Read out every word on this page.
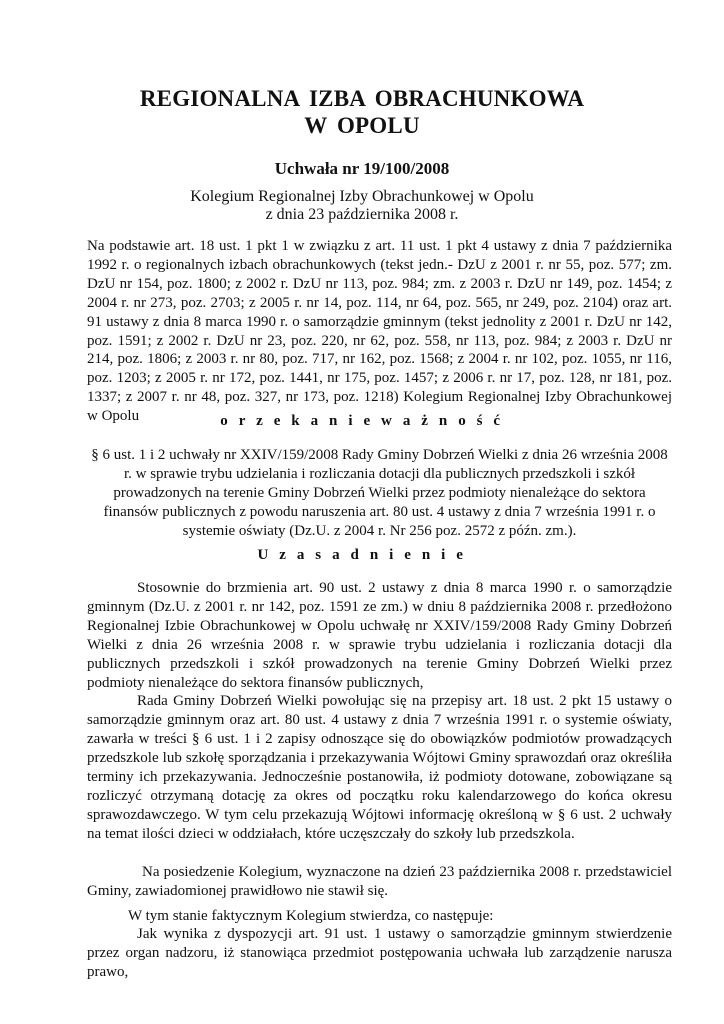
REGIONALNA IZBA OBRACHUNKOWA
W OPOLU
Uchwała nr 19/100/2008
Kolegium Regionalnej Izby Obrachunkowej w Opolu
z dnia 23 października 2008 r.

Na podstawie art. 18 ust. 1 pkt 1 w związku z art. 11 ust. 1 pkt 4 ustawy z dnia 7 października 1992 r. o regionalnych izbach obrachunkowych (tekst jedn.- DzU z 2001 r. nr 55, poz. 577; zm. DzU nr 154, poz. 1800; z 2002 r. DzU nr 113, poz. 984; zm. z 2003 r. DzU nr 149, poz. 1454; z 2004 r. nr 273, poz. 2703; z 2005 r. nr 14, poz. 114, nr 64, poz. 565, nr 249, poz. 2104) oraz art. 91 ustawy z dnia 8 marca 1990 r. o samorządzie gminnym (tekst jednolity z 2001 r. DzU nr 142, poz. 1591; z 2002 r. DzU nr 23, poz. 220, nr 62, poz. 558, nr 113, poz. 984; z 2003 r. DzU nr 214, poz. 1806; z 2003 r. nr 80, poz. 717, nr 162, poz. 1568; z 2004 r. nr 102, poz. 1055, nr 116, poz. 1203; z 2005 r. nr 172, poz. 1441, nr 175, poz. 1457; z 2006 r. nr 17, poz. 128, nr 181, poz. 1337; z 2007 r. nr 48, poz. 327, nr 173, poz. 1218) Kolegium Regionalnej Izby Obrachunkowej w Opolu	o r z e k a n i e w a ż n o ś ć

§ 6 ust. 1 i 2 uchwały nr XXIV/159/2008 Rady Gminy Dobrzeń Wielki z dnia 26 września 2008 r. w sprawie trybu udzielania i rozliczania dotacji dla publicznych przedszkoli i szkół prowadzonych na terenie Gminy Dobrzeń Wielki przez podmioty nienależące do sektora finansów publicznych z powodu naruszenia art. 80 ust. 4 ustawy z dnia 7 września 1991 r. o systemie oświaty (Dz.U. z 2004 r. Nr 256 poz. 2572 z późn. zm.).

U z a s a d n i e n i e

Stosownie do brzmienia art. 90 ust. 2 ustawy z dnia 8 marca 1990 r. o samorządzie gminnym (Dz.U. z 2001 r. nr 142, poz. 1591 ze zm.) w dniu 8 października 2008 r. przedłożono Regionalnej Izbie Obrachunkowej w Opolu uchwałę nr XXIV/159/2008 Rady Gminy Dobrzeń Wielki z dnia 26 września 2008 r. w sprawie trybu udzielania i rozliczania dotacji dla publicznych przedszkoli i szkół prowadzonych na terenie Gminy Dobrzeń Wielki przez podmioty nienależące do sektora finansów publicznych,

Rada Gminy Dobrzeń Wielki powołując się na przepisy art. 18 ust. 2 pkt 15 ustawy o samorządzie gminnym oraz art. 80 ust. 4 ustawy z dnia 7 września 1991 r. o systemie oświaty, zawarła w treści § 6 ust. 1 i 2 zapisy odnoszące się do obowiązków podmiotów prowadzących przedszkole lub szkołę sporządzania i przekazywania Wójtowi Gminy sprawozdań oraz określiła terminy ich przekazywania. Jednocześnie postanowiła, iż podmioty dotowane, zobowiązane są rozliczyć otrzymaną dotację za okres od początku roku kalendarzowego do końca okresu sprawozdawczego. W tym celu przekazują Wójtowi informację określoną w § 6 ust. 2 uchwały na temat ilości dzieci w oddziałach, które uczęszczały do szkoły lub przedszkola.

Na posiedzenie Kolegium, wyznaczone na dzień 23 października 2008 r. przedstawiciel Gminy, zawiadomionej prawidłowo nie stawił się.

W tym stanie faktycznym Kolegium stwierdza, co następuje:

Jak wynika z dyspozycji art. 91 ust. 1 ustawy o samorządzie gminnym stwierdzenie przez organ nadzoru, iż stanowiąca przedmiot postępowania uchwała lub zarządzenie narusza prawo,
